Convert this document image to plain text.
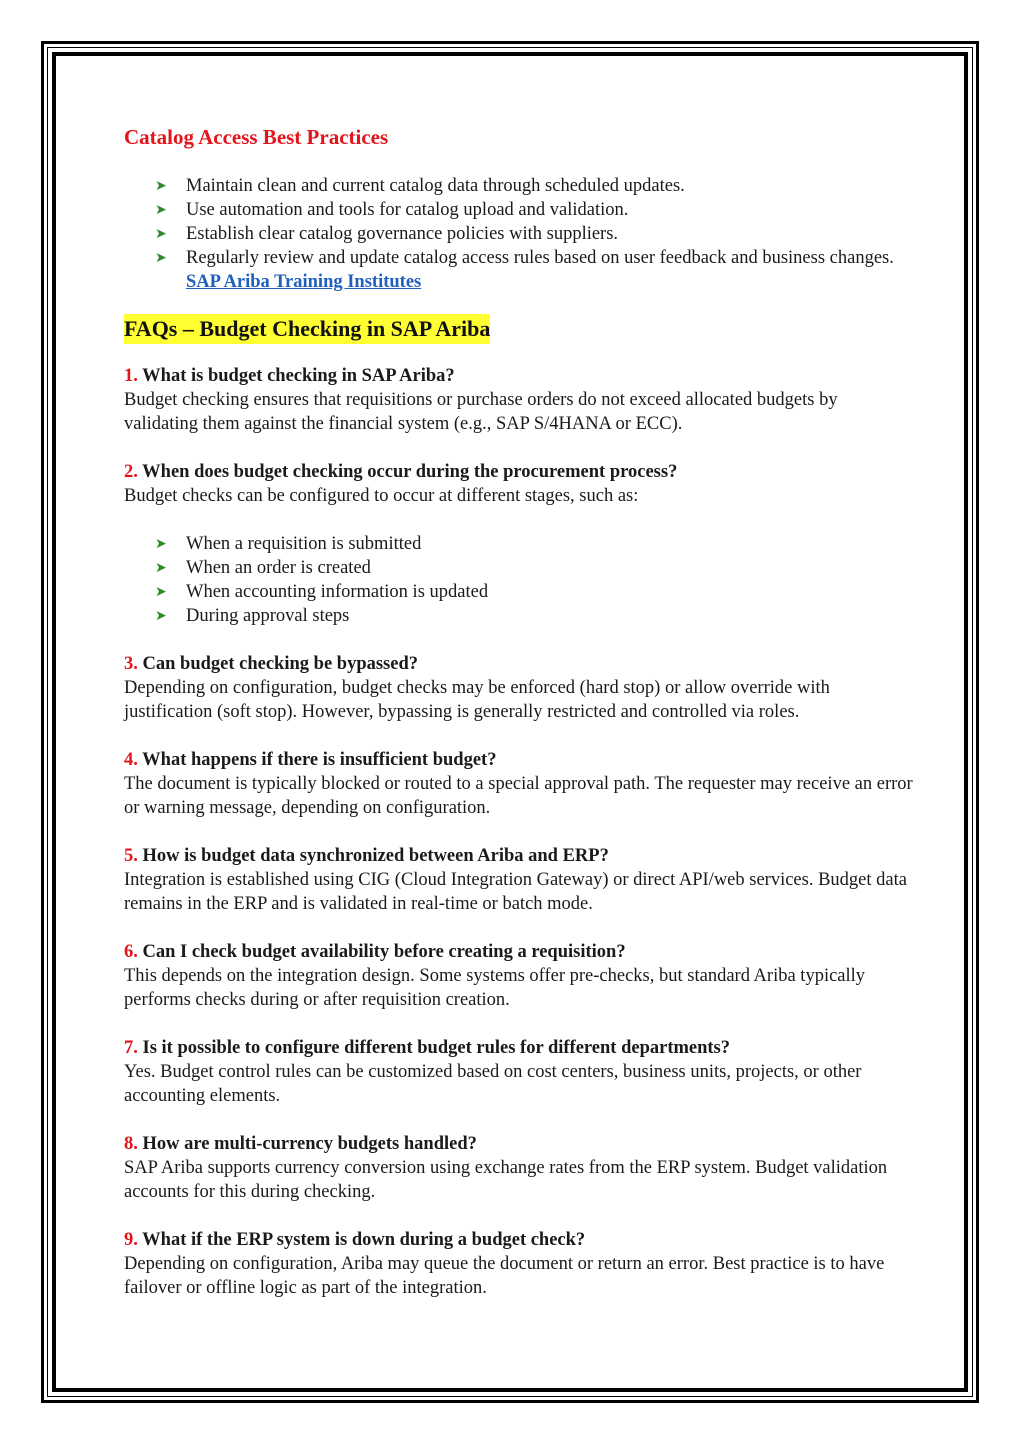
Catalog Access Best Practices
➤ Maintain clean and current catalog data through scheduled updates.
➤ Use automation and tools for catalog upload and validation.
➤ Establish clear catalog governance policies with suppliers.
➤ Regularly review and update catalog access rules based on user feedback and business changes. SAP Ariba Training Institutes
FAQs – Budget Checking in SAP Ariba
1. What is budget checking in SAP Ariba?

Budget checking ensures that requisitions or purchase orders do not exceed allocated budgets by validating them against the financial system (e.g., SAP S/4HANA or ECC).

2. When does budget checking occur during the procurement process?

Budget checks can be configured to occur at different stages, such as:

➤ When a requisition is submitted
➤ When an order is created
➤ When accounting information is updated
➤ During approval steps
3. Can budget checking be bypassed?

Depending on configuration, budget checks may be enforced (hard stop) or allow override with justification (soft stop). However, bypassing is generally restricted and controlled via roles.

4. What happens if there is insufficient budget?

The document is typically blocked or routed to a special approval path. The requester may receive an error or warning message, depending on configuration.

5. How is budget data synchronized between Ariba and ERP?

Integration is established using CIG (Cloud Integration Gateway) or direct API/web services. Budget data remains in the ERP and is validated in real-time or batch mode.

6. Can I check budget availability before creating a requisition?

This depends on the integration design. Some systems offer pre-checks, but standard Ariba typically performs checks during or after requisition creation.

7. Is it possible to configure different budget rules for different departments?

Yes. Budget control rules can be customized based on cost centers, business units, projects, or other accounting elements.

8. How are multi-currency budgets handled?

SAP Ariba supports currency conversion using exchange rates from the ERP system. Budget validation accounts for this during checking.

9. What if the ERP system is down during a budget check?

Depending on configuration, Ariba may queue the document or return an error. Best practice is to have failover or offline logic as part of the integration.
